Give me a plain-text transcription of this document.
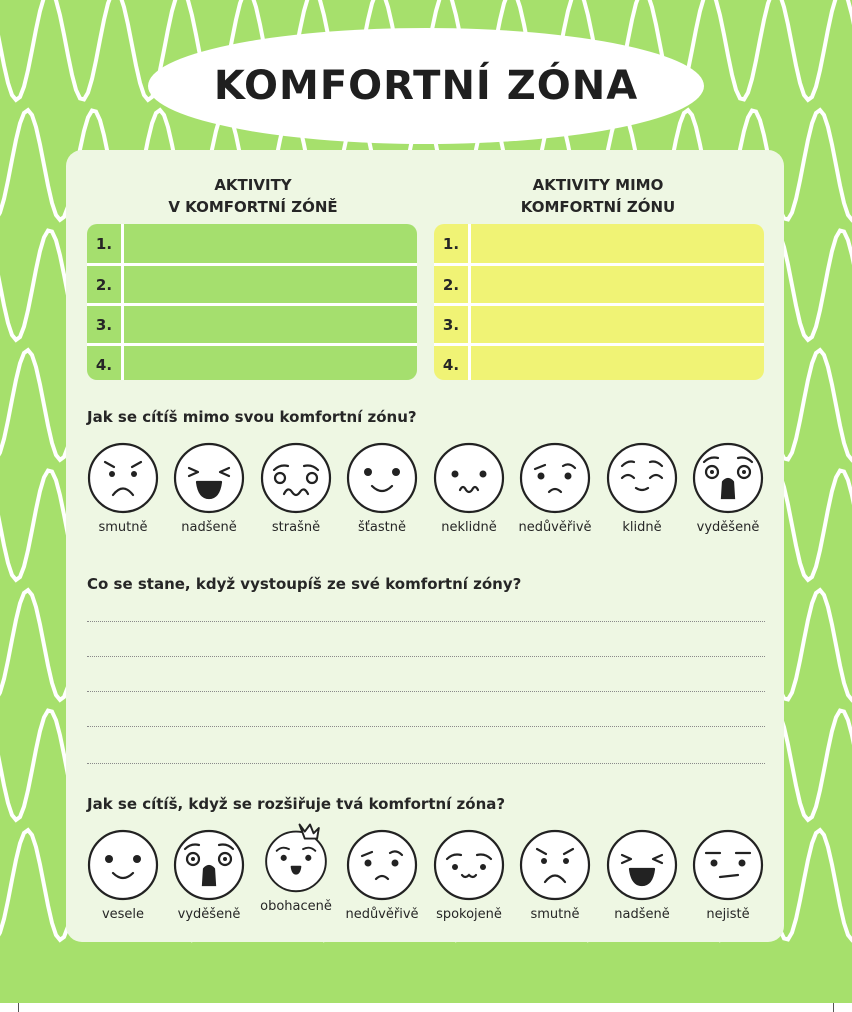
KOMFORTNÍ ZÓNA
AKTIVITY
V KOMFORTNÍ ZÓNĚ
AKTIVITY MIMO
KOMFORTNÍ ZÓNU
1.
2.
3.
4.
1.
2.
3.
4.

Jak se cítíš mimo svou komfortní zónu?

smutně	nadšeně	strašně	šťastně	neklidně	nedůvěřivě	klidně	vyděšeně

Co se stane, když vystoupíš ze své komfortní zóny?

Jak se cítíš, když se rozšiřuje tvá komfortní zóna?

vesele	vyděšeně
obohaceně
nedůvěřivě	spokojeně	smutně	nadšeně	nejistě
